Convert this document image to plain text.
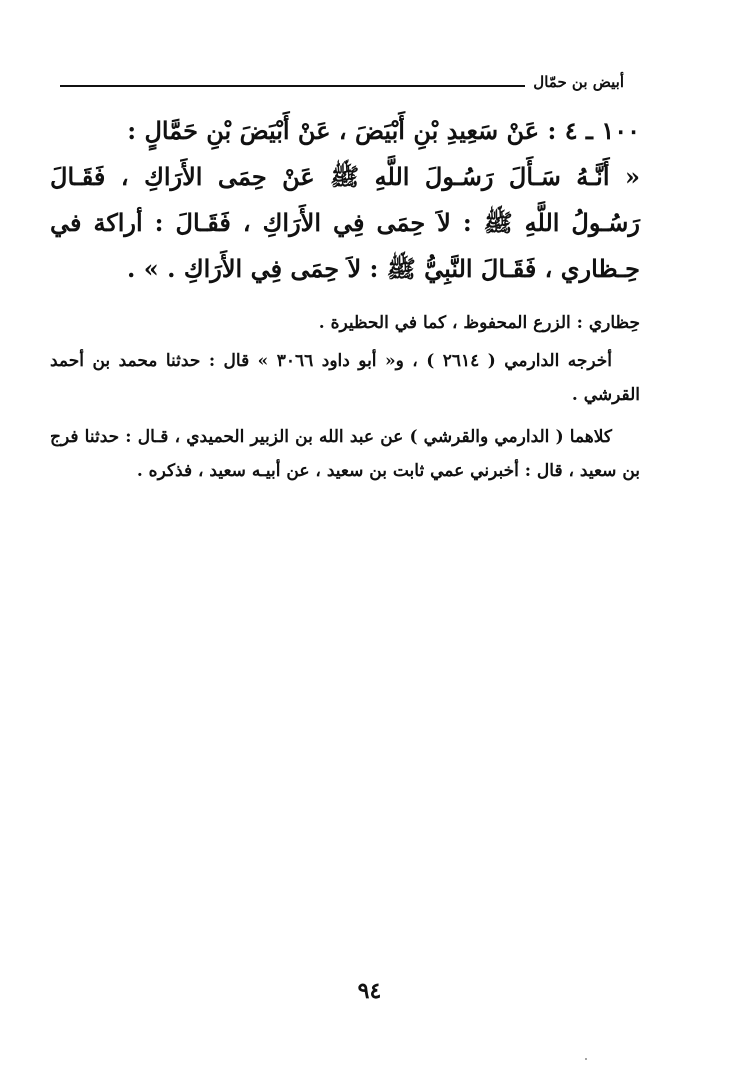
أبيض بن حمّال
١٠٠ ـ ٤ : عَنْ سَعِيدِ بْنِ أَبْيَضَ ، عَنْ أَبْيَضَ بْنِ حَمَّالٍ :
« أَنَّـهُ سَـأَلَ رَسُـولَ اللَّهِ ﷺ عَنْ حِمَى الأَرَاكِ ، فَقَـالَ رَسُـولُ اللَّهِ ﷺ : لاَ حِمَى فِي الأَرَاكِ ، فَقَـالَ : أراكة في حِـظاري ، فَقَـالَ النَّبِيُّ ﷺ : لاَ حِمَى فِي الأَرَاكِ . » .

حِظاري : الزرع المحفوظ ، كما في الحظيرة .

أخرجه الدارمي ( ٢٦١٤ ) ، و« أبو داود ٣٠٦٦ » قال : حدثنا محمد بن أحمد القرشي .

كلاهما ( الدارمي والقرشي ) عن عبد الله بن الزبير الحميدي ، قـال : حدثنا فرج بن سعيد ، قال : أخبرني عمي ثابت بن سعيد ، عن أبيـه سعيد ، فذكره .

٩٤
